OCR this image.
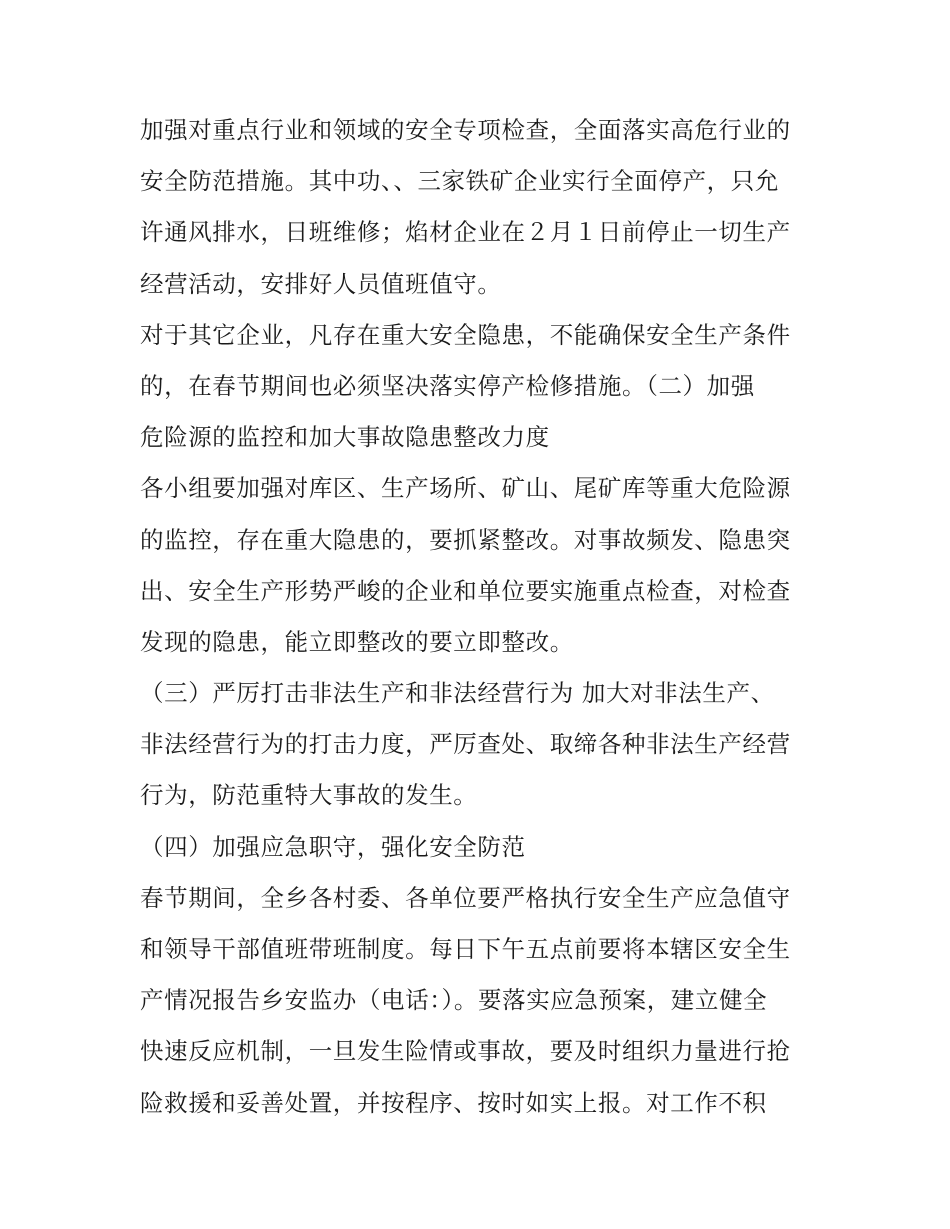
加强对重点行业和领域的安全专项检查，全面落实高危行业的
安全防范措施。其中功、、三家铁矿企业实行全面停产，只允
许通风排水，日班维修；焰材企业在２月１日前停止一切生产
经营活动，安排好人员值班值守。
对于其它企业，凡存在重大安全隐患，不能确保安全生产条件
的，在春节期间也必须坚决落实停产检修措施。（二）加强
危险源的监控和加大事故隐患整改力度
各小组要加强对库区、生产场所、矿山、尾矿库等重大危险源
的监控，存在重大隐患的，要抓紧整改。对事故频发、隐患突
出、安全生产形势严峻的企业和单位要实施重点检查，对检查
发现的隐患，能立即整改的要立即整改。
（三）严厉打击非法生产和非法经营行为 加大对非法生产、
非法经营行为的打击力度，严厉查处、取缔各种非法生产经营
行为，防范重特大事故的发生。
（四）加强应急职守，强化安全防范
春节期间，全乡各村委、各单位要严格执行安全生产应急值守
和领导干部值班带班制度。每日下午五点前要将本辖区安全生
产情况报告乡安监办（电话：）。要落实应急预案，建立健全
快速反应机制，一旦发生险情或事故，要及时组织力量进行抢
险救援和妥善处置，并按程序、按时如实上报。对工作不积
